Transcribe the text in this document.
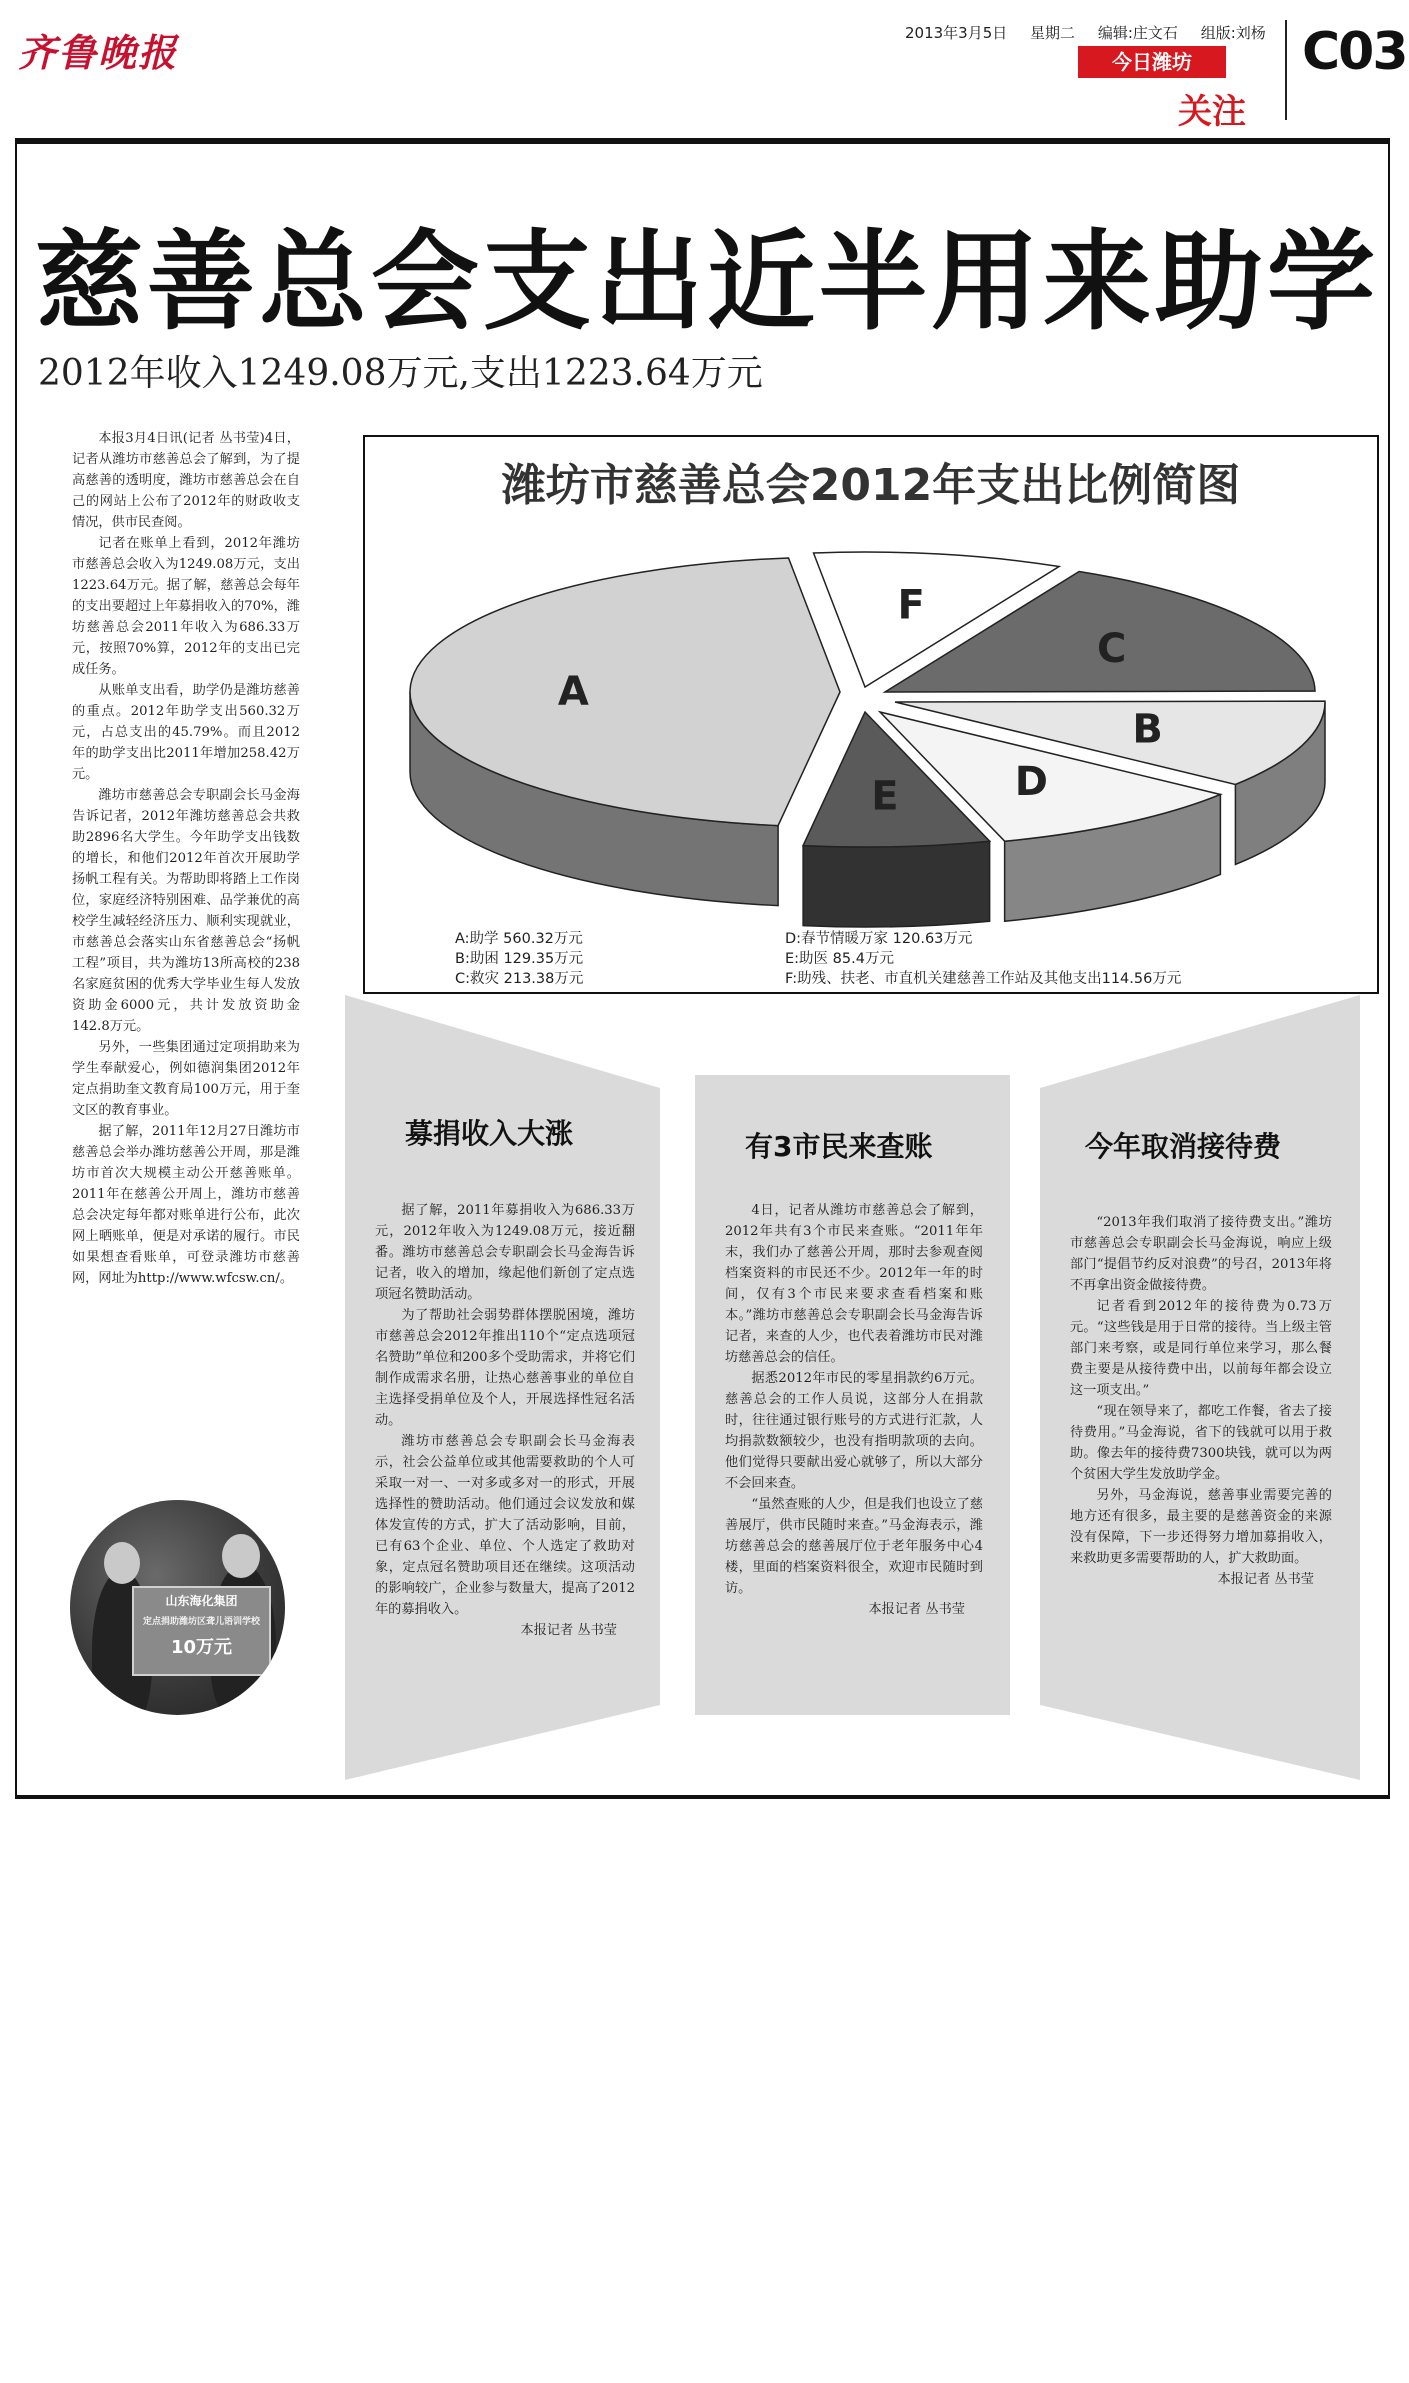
齐鲁晚报	2013年3月5日 星期二 编辑:庄文石 组版:刘杨 C03
今日潍坊
关注
慈善总会支出近半用来助学
2012年收入1249.08万元,支出1223.64万元

本报3月4日讯(记者 丛书莹)4日，记者从潍坊市慈善总会了解到，为了提高慈善的透明度，潍坊市慈善总会在自己的网站上公布了2012年的财政收支情况，供市民查阅。

记者在账单上看到，2012年潍坊市慈善总会收入为1249.08万元，支出1223.64万元。据了解，慈善总会每年的支出要超过上年募捐收入的70%，潍坊慈善总会2011年收入为686.33万元，按照70%算，2012年的支出已完成任务。

从账单支出看，助学仍是潍坊慈善的重点。2012年助学支出560.32万元，占总支出的45.79%。而且2012年的助学支出比2011年增加258.42万元。

潍坊市慈善总会专职副会长马金海告诉记者，2012年潍坊慈善总会共救助2896名大学生。今年助学支出钱数的增长，和他们2012年首次开展助学扬帆工程有关。为帮助即将踏上工作岗位，家庭经济特别困难、品学兼优的高校学生减轻经济压力、顺利实现就业，市慈善总会落实山东省慈善总会“扬帆工程”项目，共为潍坊13所高校的238名家庭贫困的优秀大学毕业生每人发放资助金6000元，共计发放资助金142.8万元。

另外，一些集团通过定项捐助来为学生奉献爱心，例如德润集团2012年定点捐助奎文教育局100万元，用于奎文区的教育事业。

据了解，2011年12月27日潍坊市慈善总会举办潍坊慈善公开周，那是潍坊市首次大规模主动公开慈善账单。2011年在慈善公开周上，潍坊市慈善总会决定每年都对账单进行公布，此次网上晒账单，便是对承诺的履行。市民如果想查看账单，可登录潍坊市慈善网，网址为http://www.wfcsw.cn/。

山东海化集团
定点捐助潍坊区聋儿语训学校
10万元
潍坊市慈善总会2012年支出比例简图
F
C
B
D
E
A
A:助学 560.32万元
B:助困 129.35万元
C:救灾 213.38万元
D:春节情暖万家 120.63万元
E:助医 85.4万元
F:助残、扶老、市直机关建慈善工作站及其他支出114.56万元
募捐收入大涨

据了解，2011年募捐收入为686.33万元，2012年收入为1249.08万元，接近翻番。潍坊市慈善总会专职副会长马金海告诉记者，收入的增加，缘起他们新创了定点选项冠名赞助活动。

为了帮助社会弱势群体摆脱困境，潍坊市慈善总会2012年推出110个“定点选项冠名赞助”单位和200多个受助需求，并将它们制作成需求名册，让热心慈善事业的单位自主选择受捐单位及个人，开展选择性冠名活动。

潍坊市慈善总会专职副会长马金海表示，社会公益单位或其他需要救助的个人可采取一对一、一对多或多对一的形式，开展选择性的赞助活动。他们通过会议发放和媒体发宣传的方式，扩大了活动影响，目前，已有63个企业、单位、个人选定了救助对象，定点冠名赞助项目还在继续。这项活动的影响较广，企业参与数量大，提高了2012年的募捐收入。

本报记者 丛书莹

有3市民来查账

4日，记者从潍坊市慈善总会了解到，2012年共有3个市民来查账。“2011年年末，我们办了慈善公开周，那时去参观查阅档案资料的市民还不少。2012年一年的时间，仅有3个市民来要求查看档案和账本。”潍坊市慈善总会专职副会长马金海告诉记者，来查的人少，也代表着潍坊市民对潍坊慈善总会的信任。

据悉2012年市民的零星捐款约6万元。慈善总会的工作人员说，这部分人在捐款时，往往通过银行账号的方式进行汇款，人均捐款数额较少，也没有指明款项的去向。他们觉得只要献出爱心就够了，所以大部分不会回来查。

“虽然查账的人少，但是我们也设立了慈善展厅，供市民随时来查。”马金海表示，潍坊慈善总会的慈善展厅位于老年服务中心4楼，里面的档案资料很全，欢迎市民随时到访。

本报记者 丛书莹

今年取消接待费

“2013年我们取消了接待费支出。”潍坊市慈善总会专职副会长马金海说，响应上级部门“提倡节约反对浪费”的号召，2013年将不再拿出资金做接待费。

记者看到2012年的接待费为0.73万元。“这些钱是用于日常的接待。当上级主管部门来考察，或是同行单位来学习，那么餐费主要是从接待费中出，以前每年都会设立这一项支出。”

“现在领导来了，都吃工作餐，省去了接待费用。”马金海说，省下的钱就可以用于救助。像去年的接待费7300块钱，就可以为两个贫困大学生发放助学金。

另外，马金海说，慈善事业需要完善的地方还有很多，最主要的是慈善资金的来源没有保障，下一步还得努力增加募捐收入，来救助更多需要帮助的人，扩大救助面。

本报记者 丛书莹
